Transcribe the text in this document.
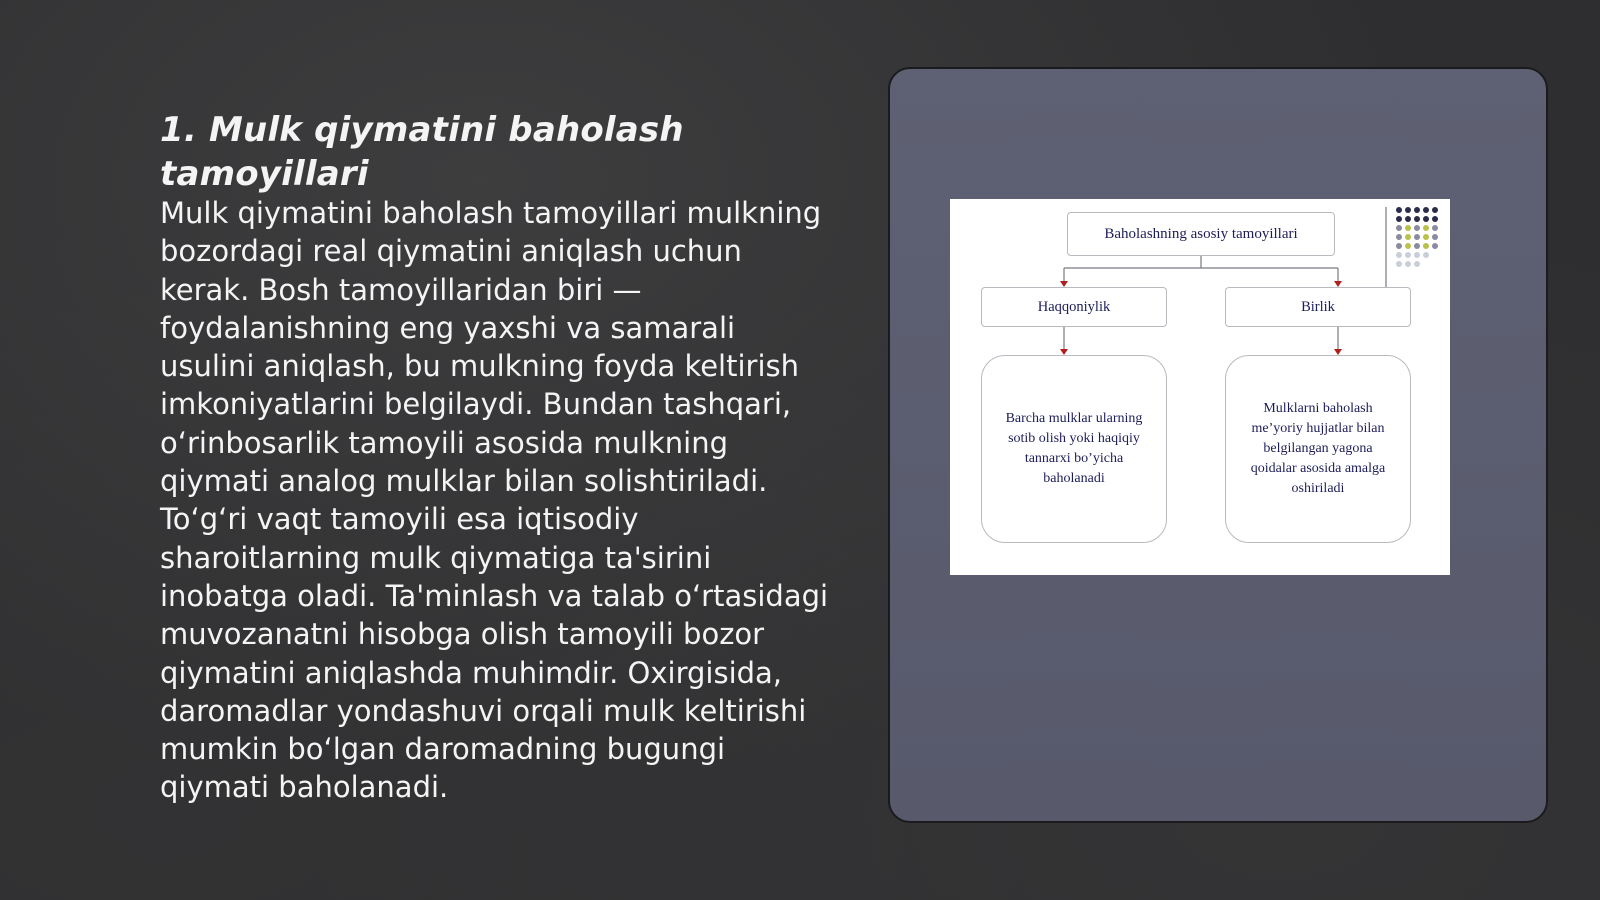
1. Mulk qiymatini baholash tamoyillari

Mulk qiymatini baholash tamoyillari mulkning bozordagi real qiymatini aniqlash uchun kerak. Bosh tamoyillaridan biri — foydalanishning eng yaxshi va samarali usulini aniqlash, bu mulkning foyda keltirish imkoniyatlarini belgilaydi. Bundan tashqari, oʻrinbosarlik tamoyili asosida mulkning qiymati analog mulklar bilan solishtiriladi. Toʻgʻri vaqt tamoyili esa iqtisodiy sharoitlarning mulk qiymatiga ta'sirini inobatga oladi. Ta'minlash va talab oʻrtasidagi muvozanatni hisobga olish tamoyili bozor qiymatini aniqlashda muhimdir. Oxirgisida, daromadlar yondashuvi orqali mulk keltirishi mumkin boʻlgan daromadning bugungi qiymati baholanadi.

Baholashning asosiy tamoyillari
Haqqoniylik	Birlik
Barcha mulklar ularning sotib olish yoki haqiqiy tannarxi bo’yicha baholanadi
Mulklarni baholash me’yoriy hujjatlar bilan belgilangan yagona qoidalar asosida amalga oshiriladi
